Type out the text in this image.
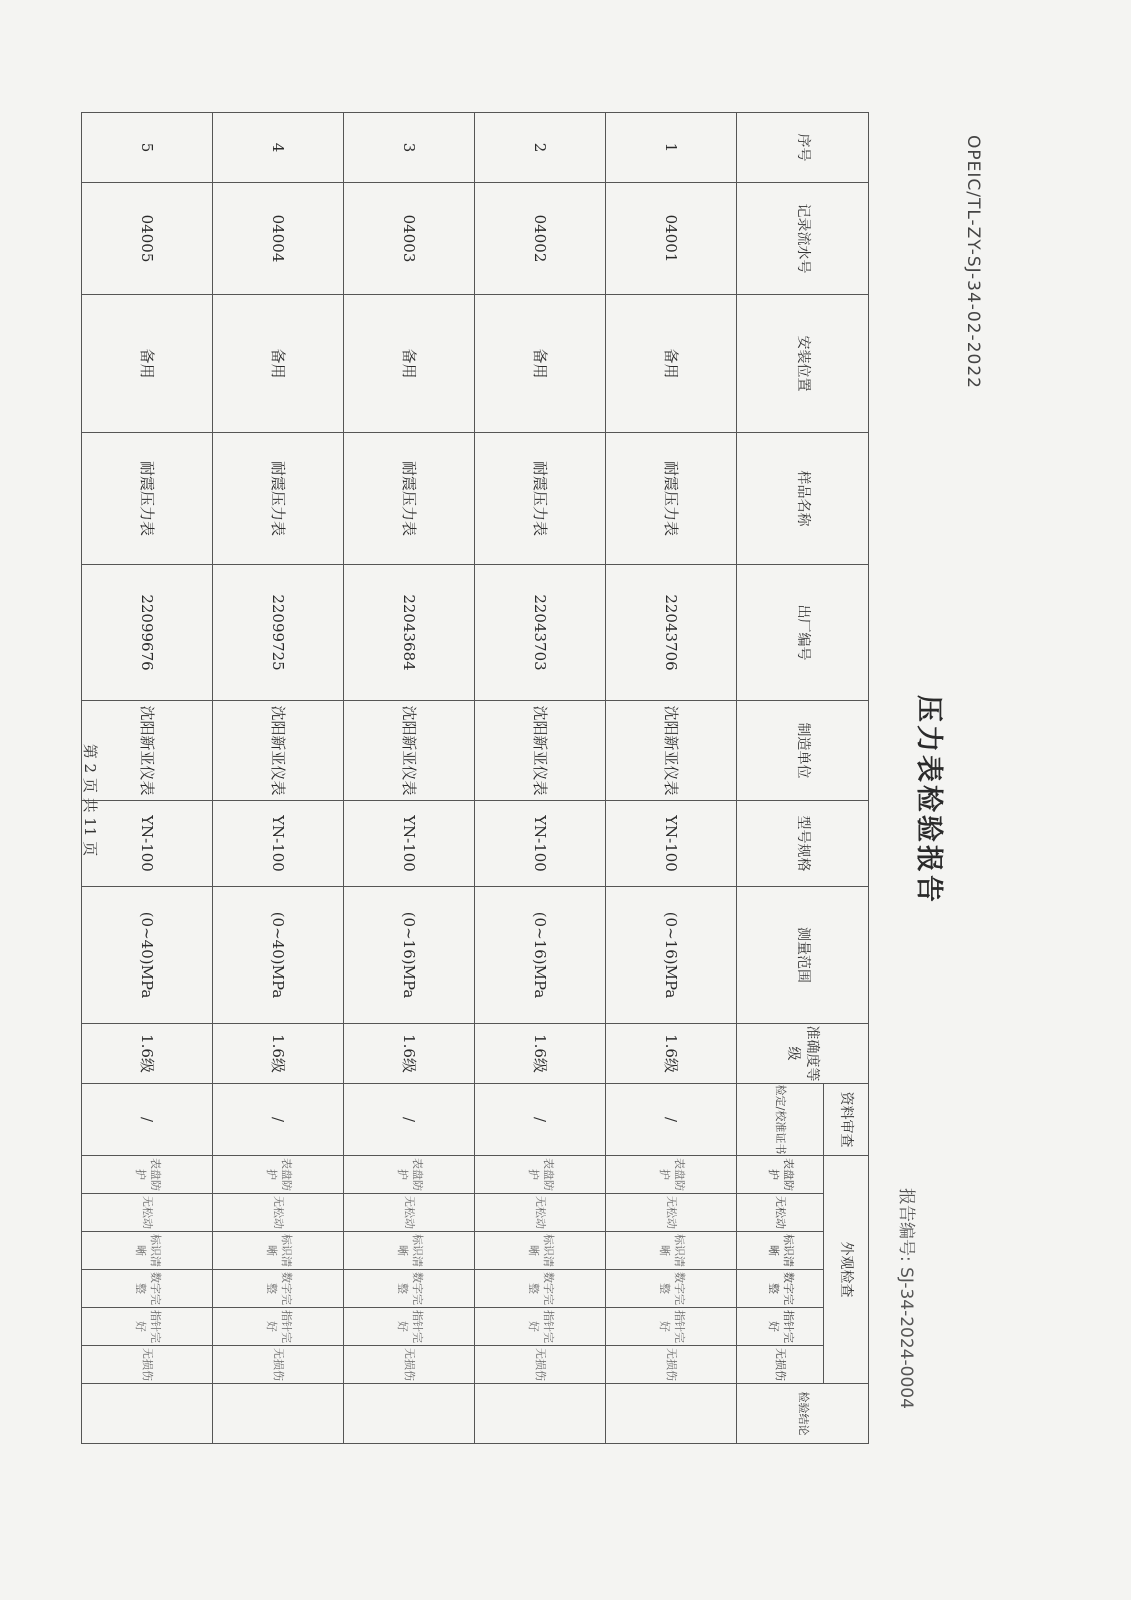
OPEIC/TL-ZY-SJ-34-02-2022
压力表检验报告
报告编号: SJ-34-2024-0004
序号	记录流水号	安装位置	样品名称	出厂编号	制造单位	型号规格	测量范围	准确度等级	资料审查	外观检查						检验结论
									检定/校准证书	表盘防护	无松动	标识清晰	数字完整	指针完好	无损伤	
1	04001	备用	耐震压力表	22043706	沈阳新亚仪表	YN-100	(0~16)MPa	1.6级	/	表盘防护	无松动	标识清晰	数字完整	指针完好	无损伤	
2	04002	备用	耐震压力表	22043703	沈阳新亚仪表	YN-100	(0~16)MPa	1.6级	/	表盘防护	无松动	标识清晰	数字完整	指针完好	无损伤	
3	04003	备用	耐震压力表	22043684	沈阳新亚仪表	YN-100	(0~16)MPa	1.6级	/	表盘防护	无松动	标识清晰	数字完整	指针完好	无损伤	
4	04004	备用	耐震压力表	22099725	沈阳新亚仪表	YN-100	(0~40)MPa	1.6级	/	表盘防护	无松动	标识清晰	数字完整	指针完好	无损伤	
5	04005	备用	耐震压力表	22099676	沈阳新亚仪表	YN-100	(0~40)MPa	1.6级	/	表盘防护	无松动	标识清晰	数字完整	指针完好	无损伤	
第 2 页 共 11 页
